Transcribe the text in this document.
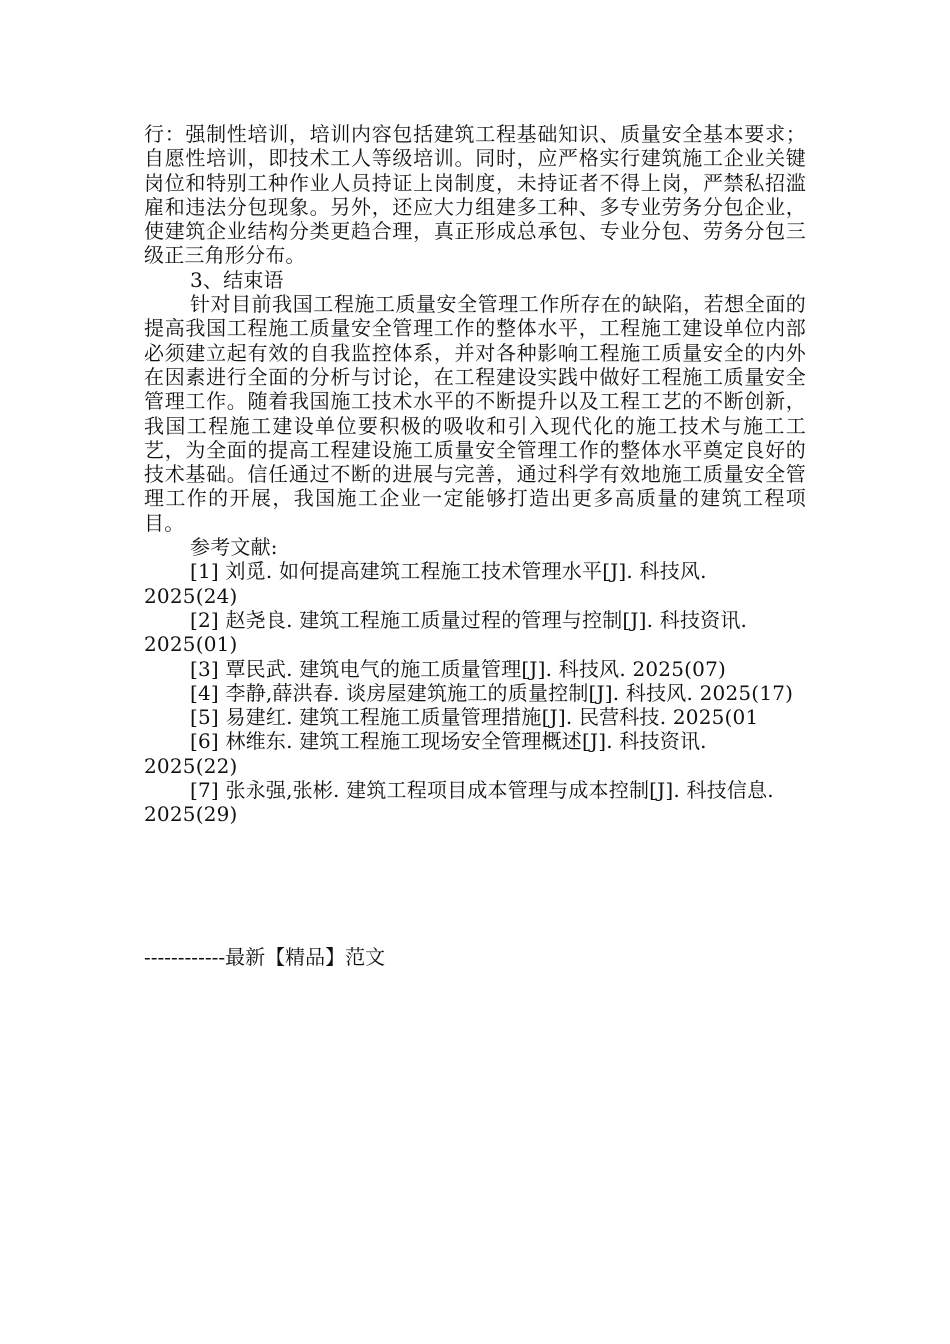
行：强制性培训，培训内容包括建筑工程基础知识、质量安全基本要求；自愿性培训，即技术工人等级培训。同时，应严格实行建筑施工企业关键岗位和特别工种作业人员持证上岗制度，未持证者不得上岗，严禁私招滥雇和违法分包现象。另外，还应大力组建多工种、多专业劳务分包企业，使建筑企业结构分类更趋合理，真正形成总承包、专业分包、劳务分包三级正三角形分布。

3、结束语

针对目前我国工程施工质量安全管理工作所存在的缺陷，若想全面的提高我国工程施工质量安全管理工作的整体水平，工程施工建设单位内部必须建立起有效的自我监控体系，并对各种影响工程施工质量安全的内外在因素进行全面的分析与讨论，在工程建设实践中做好工程施工质量安全管理工作。随着我国施工技术水平的不断提升以及工程工艺的不断创新，我国工程施工建设单位要积极的吸收和引入现代化的施工技术与施工工艺，为全面的提高工程建设施工质量安全管理工作的整体水平奠定良好的技术基础。信任通过不断的进展与完善，通过科学有效地施工质量安全管理工作的开展，我国施工企业一定能够打造出更多高质量的建筑工程项目。

参考文献:

[1] 刘觅. 如何提高建筑工程施工技术管理水平[J]. 科技风. 2025(24)

[2] 赵尧良. 建筑工程施工质量过程的管理与控制[J]. 科技资讯. 2025(01)

[3] 覃民武. 建筑电气的施工质量管理[J]. 科技风. 2025(07)

[4] 李静,薛洪春. 谈房屋建筑施工的质量控制[J]. 科技风. 2025(17)

[5] 易建红. 建筑工程施工质量管理措施[J]. 民营科技. 2025(01

[6] 林维东. 建筑工程施工现场安全管理概述[J]. 科技资讯. 2025(22)

[7] 张永强,张彬. 建筑工程项目成本管理与成本控制[J]. 科技信息. 2025(29)

------------最新【精品】范文
